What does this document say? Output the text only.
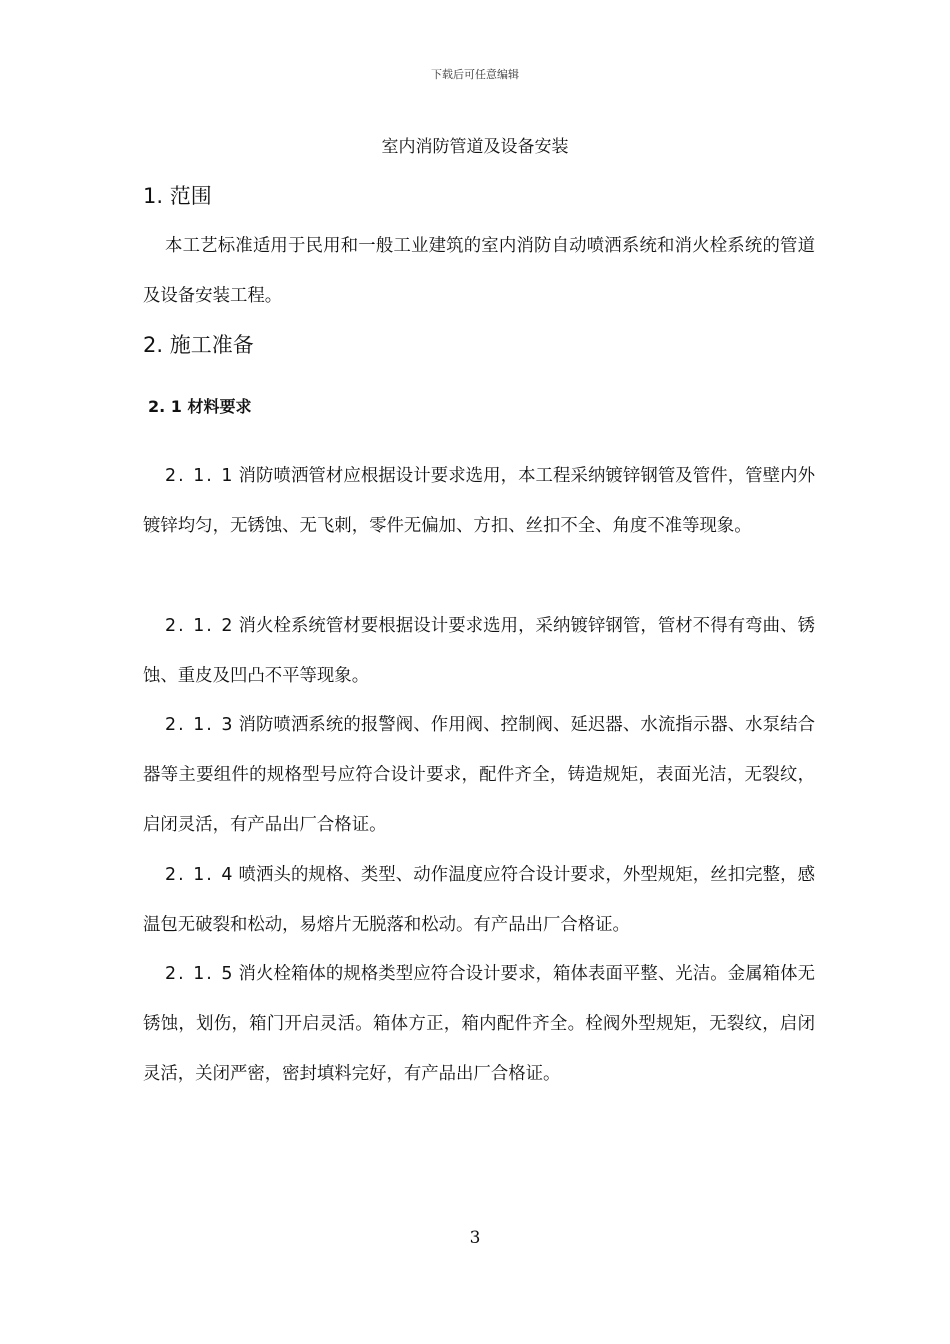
下载后可任意编辑
室内消防管道及设备安装
1. 范围

本工艺标准适用于民用和一般工业建筑的室内消防自动喷洒系统和消火栓系统的管道及设备安装工程。

2. 施工准备
2. 1 材料要求

2. 1. 1 消防喷洒管材应根据设计要求选用，本工程采纳镀锌钢管及管件，管壁内外镀锌均匀，无锈蚀、无飞刺，零件无偏加、方扣、丝扣不全、角度不准等现象。

2. 1. 2 消火栓系统管材要根据设计要求选用，采纳镀锌钢管，管材不得有弯曲、锈蚀、重皮及凹凸不平等现象。

2. 1. 3 消防喷洒系统的报警阀、作用阀、控制阀、延迟器、水流指示器、水泵结合器等主要组件的规格型号应符合设计要求，配件齐全，铸造规矩，表面光洁，无裂纹，启闭灵活，有产品出厂合格证。

2. 1. 4 喷洒头的规格、类型、动作温度应符合设计要求，外型规矩，丝扣完整，感温包无破裂和松动，易熔片无脱落和松动。有产品出厂合格证。

2. 1. 5 消火栓箱体的规格类型应符合设计要求，箱体表面平整、光洁。金属箱体无锈蚀，划伤，箱门开启灵活。箱体方正，箱内配件齐全。栓阀外型规矩，无裂纹，启闭灵活，关闭严密，密封填料完好，有产品出厂合格证。

3
